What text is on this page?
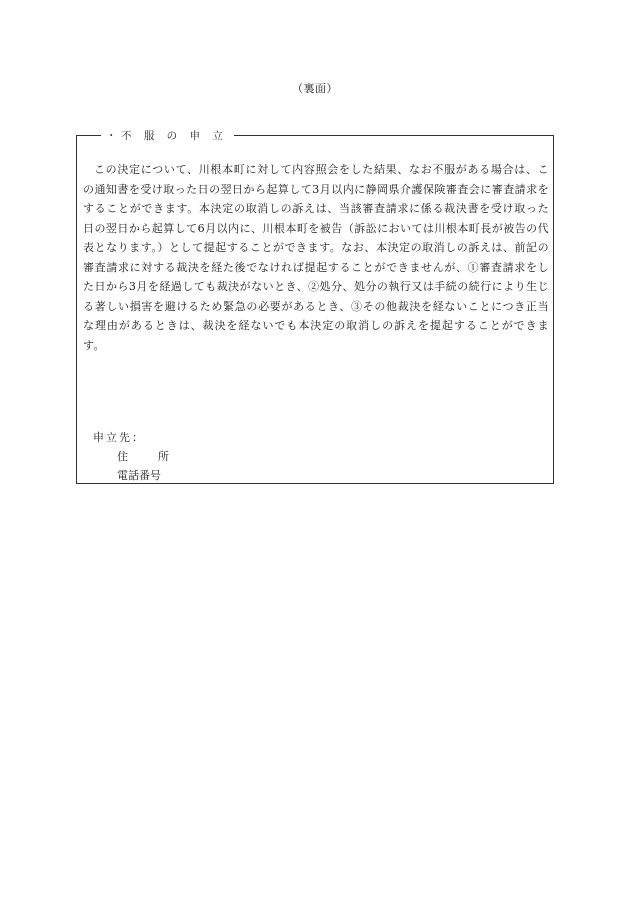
（裏面）
・不 服 の 申 立

この決定について、川根本町に対して内容照会をした結果、なお不服がある場合は、この通知書を受け取った日の翌日から起算して3月以内に静岡県介護保険審査会に審査請求をすることができます。本決定の取消しの訴えは、当該審査請求に係る裁決書を受け取った日の翌日から起算して6月以内に、川根本町を被告（訴訟においては川根本町長が被告の代表となります。）として提起することができます。なお、本決定の取消しの訴えは、前記の審査請求に対する裁決を経た後でなければ提起することができませんが、①審査請求をした日から3月を経過しても裁決がないとき、②処分、処分の執行又は手続の続行により生じる著しい損害を避けるため緊急の必要があるとき、③その他裁決を経ないことにつき正当な理由があるときは、裁決を経ないでも本決定の取消しの訴えを提起することができます。

申立先：
住所
電話番号
